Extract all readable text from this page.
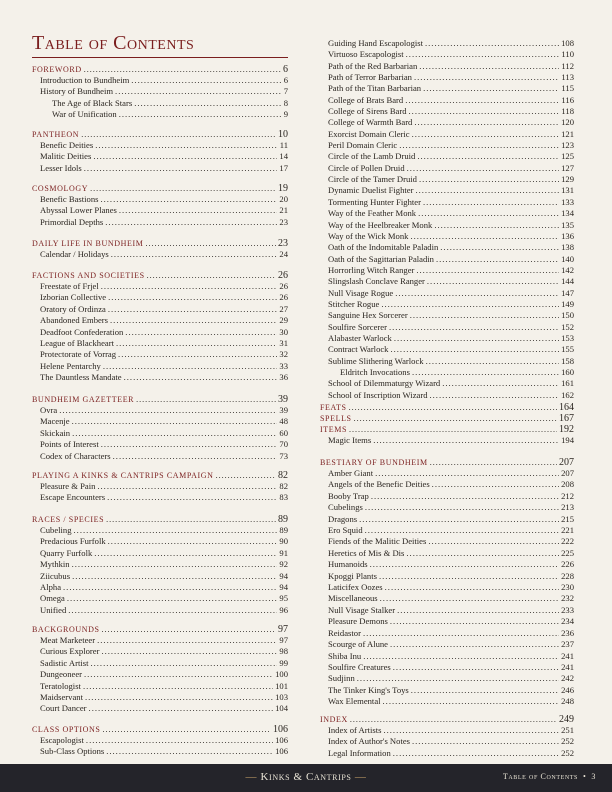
Table of Contents
FOREWORD .....	6
Introduction to Bundheim .....	6
History of Bundheim .....	7
The Age of Black Stars .....	8
War of Unification .....	9
PANTHEON .....	10
Benefic Deities .....	11
Malitic Deities .....	14
Lesser Idols .....	17
COSMOLOGY .....	19
Benefic Bastions .....	20
Abyssal Lower Planes .....	21
Primordial Depths .....	23
DAILY LIFE IN BUNDHEIM .....	23
Calendar / Holidays .....	24
FACTIONS AND SOCIETIES .....	26
Freestate of Frjel .....	26
Izborian Collective .....	26
Oratory of Ordinza .....	27
Abandoned Embers .....	29
Deadfoot Confederation .....	30
League of Blackheart .....	31
Protectorate of Vorrag .....	32
Helene Pentarchy .....	33
The Dauntless Mandate .....	36
BUNDHEIM GAZETTEER .....	39
Ovra .....	39
Macenje .....	48
Skickain .....	60
Points of Interest .....	70
Codex of Characters .....	73
PLAYING A KINKS & CANTRIPS CAMPAIGN .....	82
Pleasure & Pain .....	82
Escape Encounters .....	83
RACES / SPECIES .....	89
Cubeling .....	89
Predacious Furfolk .....	90
Quarry Furfolk .....	91
Mythkin .....	92
Ziicubus .....	94
Alpha .....	94
Omega .....	95
Unified .....	96
BACKGROUNDS .....	97
Meat Marketeer .....	97
Curious Explorer .....	98
Sadistic Artist .....	99
Dungeoneer .....	100
Teratologist .....	101
Maidservant .....	103
Court Dancer .....	104
CLASS OPTIONS .....	106
Escapologist .....	106
Sub-Class Options .....	106
Guiding Hand Escapologist .....	108
Virtuoso Escapologist .....	110
Path of the Red Barbarian .....	112
Path of Terror Barbarian .....	113
Path of the Titan Barbarian .....	115
College of Brats Bard .....	116
College of Sirens Bard .....	118
College of Warmth Bard .....	120
Exorcist Domain Cleric .....	121
Peril Domain Cleric .....	123
Circle of the Lamb Druid .....	125
Circle of Pollen Druid .....	127
Circle of the Tamer Druid .....	129
Dynamic Duelist Fighter .....	131
Tormenting Hunter Fighter .....	133
Way of the Feather Monk .....	134
Way of the Heelbreaker Monk .....	135
Way of the Wick Monk .....	136
Oath of the Indomitable Paladin .....	138
Oath of the Sagittarian Paladin .....	140
Horrorling Witch Ranger .....	142
Slingslash Conclave Ranger .....	144
Null Visage Rogue .....	147
Stitcher Rogue .....	149
Sanguine Hex Sorcerer .....	150
Soulfire Sorcerer .....	152
Alabaster Warlock .....	153
Contract Warlock .....	155
Sublime Slithering Warlock .....	158
Eldritch Invocations .....	160
School of Dilemmaturgy Wizard .....	161
School of Inscription Wizard .....	162
FEATS .....	164
SPELLS .....	167
ITEMS .....	192
Magic Items .....	194
BESTIARY OF BUNDHEIM .....	207
Amber Giant .....	207
Angels of the Benefic Deities .....	208
Booby Trap .....	212
Cubelings .....	213
Dragons .....	215
Ero Squid .....	221
Fiends of the Malitic Deities .....	222
Heretics of Mis & Dis .....	225
Humanoids .....	226
Kpoggi Plants .....	228
Laticifex Oozes .....	230
Miscellaneous .....	232
Null Visage Stalker .....	233
Pleasure Demons .....	234
Reidastor .....	236
Scourge of Alune .....	237
Shiba Inu .....	241
Soulfire Creatures .....	241
Sudjinn .....	242
The Tinker King's Toys .....	246
Wax Elemental .....	248
INDEX .....	249
Index of Artists .....	251
Index of Author's Notes .....	252
Legal Information .....	252
— Kinks & Cantrips —	Table of Contents • 3
